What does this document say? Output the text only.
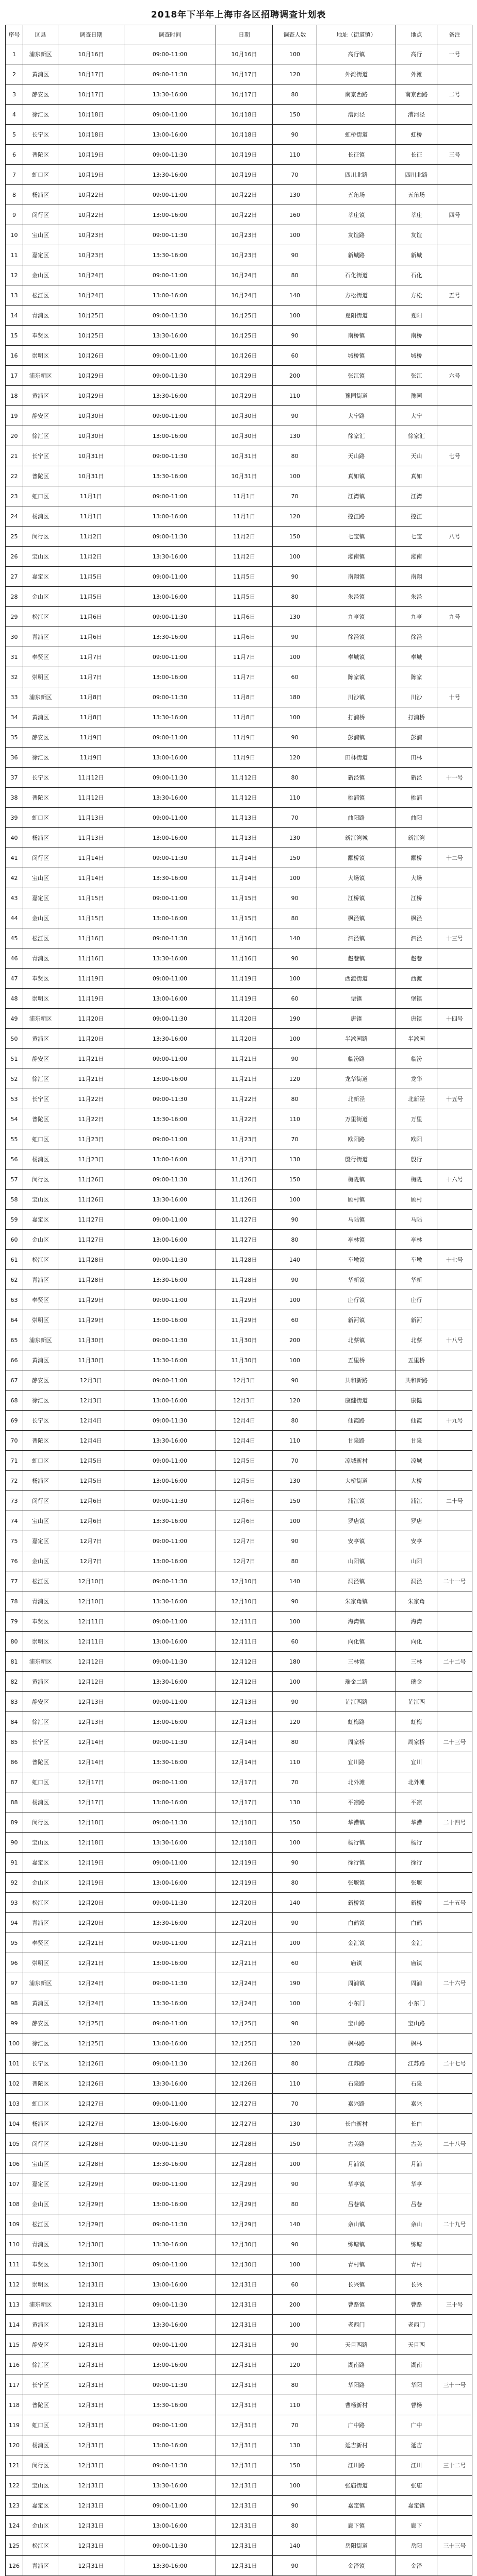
2018年下半年上海市各区招聘调查计划表
序号	区县	调查日期	调查时间	日期	调查人数	地址（街道镇）	地点	备注
1	浦东新区	10月16日	09:00-11:00	10月16日	100	高行镇	高行	一号
2	黄浦区	10月17日	09:00-11:30	10月17日	120	外滩街道	外滩	
3	静安区	10月17日	13:30-16:00	10月17日	80	南京西路	南京西路	二号
4	徐汇区	10月18日	09:00-11:00	10月18日	150	漕河泾	漕河泾	
5	长宁区	10月18日	13:00-16:00	10月18日	90	虹桥街道	虹桥	
6	普陀区	10月19日	09:00-11:30	10月19日	110	长征镇	长征	三号
7	虹口区	10月19日	13:30-16:00	10月19日	70	四川北路	四川北路	
8	杨浦区	10月22日	09:00-11:00	10月22日	130	五角场	五角场	
9	闵行区	10月22日	13:00-16:00	10月22日	160	莘庄镇	莘庄	四号
10	宝山区	10月23日	09:00-11:30	10月23日	100	友谊路	友谊	
11	嘉定区	10月23日	13:30-16:00	10月23日	90	新城路	新城	
12	金山区	10月24日	09:00-11:00	10月24日	80	石化街道	石化	
13	松江区	10月24日	13:00-16:00	10月24日	140	方松街道	方松	五号
14	青浦区	10月25日	09:00-11:30	10月25日	100	夏阳街道	夏阳	
15	奉贤区	10月25日	13:30-16:00	10月25日	90	南桥镇	南桥	
16	崇明区	10月26日	09:00-11:00	10月26日	60	城桥镇	城桥	
17	浦东新区	10月29日	09:00-11:30	10月29日	200	张江镇	张江	六号
18	黄浦区	10月29日	13:30-16:00	10月29日	110	豫园街道	豫园	
19	静安区	10月30日	09:00-11:00	10月30日	90	大宁路	大宁	
20	徐汇区	10月30日	13:00-16:00	10月30日	130	徐家汇	徐家汇	
21	长宁区	10月31日	09:00-11:30	10月31日	80	天山路	天山	七号
22	普陀区	10月31日	13:30-16:00	10月31日	100	真如镇	真如	
23	虹口区	11月1日	09:00-11:00	11月1日	70	江湾镇	江湾	
24	杨浦区	11月1日	13:00-16:00	11月1日	120	控江路	控江	
25	闵行区	11月2日	09:00-11:30	11月2日	150	七宝镇	七宝	八号
26	宝山区	11月2日	13:30-16:00	11月2日	100	淞南镇	淞南	
27	嘉定区	11月5日	09:00-11:00	11月5日	90	南翔镇	南翔	
28	金山区	11月5日	13:00-16:00	11月5日	80	朱泾镇	朱泾	
29	松江区	11月6日	09:00-11:30	11月6日	130	九亭镇	九亭	九号
30	青浦区	11月6日	13:30-16:00	11月6日	90	徐泾镇	徐泾	
31	奉贤区	11月7日	09:00-11:00	11月7日	100	奉城镇	奉城	
32	崇明区	11月7日	13:00-16:00	11月7日	60	陈家镇	陈家	
33	浦东新区	11月8日	09:00-11:30	11月8日	180	川沙镇	川沙	十号
34	黄浦区	11月8日	13:30-16:00	11月8日	100	打浦桥	打浦桥	
35	静安区	11月9日	09:00-11:00	11月9日	90	彭浦镇	彭浦	
36	徐汇区	11月9日	13:00-16:00	11月9日	120	田林街道	田林	
37	长宁区	11月12日	09:00-11:30	11月12日	80	新泾镇	新泾	十一号
38	普陀区	11月12日	13:30-16:00	11月12日	110	桃浦镇	桃浦	
39	虹口区	11月13日	09:00-11:00	11月13日	70	曲阳路	曲阳	
40	杨浦区	11月13日	13:00-16:00	11月13日	130	新江湾城	新江湾	
41	闵行区	11月14日	09:00-11:30	11月14日	150	颛桥镇	颛桥	十二号
42	宝山区	11月14日	13:30-16:00	11月14日	100	大场镇	大场	
43	嘉定区	11月15日	09:00-11:00	11月15日	90	江桥镇	江桥	
44	金山区	11月15日	13:00-16:00	11月15日	80	枫泾镇	枫泾	
45	松江区	11月16日	09:00-11:30	11月16日	140	泗泾镇	泗泾	十三号
46	青浦区	11月16日	13:30-16:00	11月16日	90	赵巷镇	赵巷	
47	奉贤区	11月19日	09:00-11:00	11月19日	100	西渡街道	西渡	
48	崇明区	11月19日	13:00-16:00	11月19日	60	堡镇	堡镇	
49	浦东新区	11月20日	09:00-11:30	11月20日	190	唐镇	唐镇	十四号
50	黄浦区	11月20日	13:30-16:00	11月20日	100	半淞园路	半淞园	
51	静安区	11月21日	09:00-11:00	11月21日	90	临汾路	临汾	
52	徐汇区	11月21日	13:00-16:00	11月21日	120	龙华街道	龙华	
53	长宁区	11月22日	09:00-11:30	11月22日	80	北新泾	北新泾	十五号
54	普陀区	11月22日	13:30-16:00	11月22日	110	万里街道	万里	
55	虹口区	11月23日	09:00-11:00	11月23日	70	欧阳路	欧阳	
56	杨浦区	11月23日	13:00-16:00	11月23日	130	殷行街道	殷行	
57	闵行区	11月26日	09:00-11:30	11月26日	150	梅陇镇	梅陇	十六号
58	宝山区	11月26日	13:30-16:00	11月26日	100	顾村镇	顾村	
59	嘉定区	11月27日	09:00-11:00	11月27日	90	马陆镇	马陆	
60	金山区	11月27日	13:00-16:00	11月27日	80	亭林镇	亭林	
61	松江区	11月28日	09:00-11:30	11月28日	140	车墩镇	车墩	十七号
62	青浦区	11月28日	13:30-16:00	11月28日	90	华新镇	华新	
63	奉贤区	11月29日	09:00-11:00	11月29日	100	庄行镇	庄行	
64	崇明区	11月29日	13:00-16:00	11月29日	60	新河镇	新河	
65	浦东新区	11月30日	09:00-11:30	11月30日	200	北蔡镇	北蔡	十八号
66	黄浦区	11月30日	13:30-16:00	11月30日	100	五里桥	五里桥	
67	静安区	12月3日	09:00-11:00	12月3日	90	共和新路	共和新路	
68	徐汇区	12月3日	13:00-16:00	12月3日	120	康健街道	康健	
69	长宁区	12月4日	09:00-11:30	12月4日	80	仙霞路	仙霞	十九号
70	普陀区	12月4日	13:30-16:00	12月4日	110	甘泉路	甘泉	
71	虹口区	12月5日	09:00-11:00	12月5日	70	凉城新村	凉城	
72	杨浦区	12月5日	13:00-16:00	12月5日	130	大桥街道	大桥	
73	闵行区	12月6日	09:00-11:30	12月6日	150	浦江镇	浦江	二十号
74	宝山区	12月6日	13:30-16:00	12月6日	100	罗店镇	罗店	
75	嘉定区	12月7日	09:00-11:00	12月7日	90	安亭镇	安亭	
76	金山区	12月7日	13:00-16:00	12月7日	80	山阳镇	山阳	
77	松江区	12月10日	09:00-11:30	12月10日	140	洞泾镇	洞泾	二十一号
78	青浦区	12月10日	13:30-16:00	12月10日	90	朱家角镇	朱家角	
79	奉贤区	12月11日	09:00-11:00	12月11日	100	海湾镇	海湾	
80	崇明区	12月11日	13:00-16:00	12月11日	60	向化镇	向化	
81	浦东新区	12月12日	09:00-11:30	12月12日	180	三林镇	三林	二十二号
82	黄浦区	12月12日	13:30-16:00	12月12日	100	瑞金二路	瑞金	
83	静安区	12月13日	09:00-11:00	12月13日	90	芷江西路	芷江西	
84	徐汇区	12月13日	13:00-16:00	12月13日	120	虹梅路	虹梅	
85	长宁区	12月14日	09:00-11:30	12月14日	80	周家桥	周家桥	二十三号
86	普陀区	12月14日	13:30-16:00	12月14日	110	宜川路	宜川	
87	虹口区	12月17日	09:00-11:00	12月17日	70	北外滩	北外滩	
88	杨浦区	12月17日	13:00-16:00	12月17日	130	平凉路	平凉	
89	闵行区	12月18日	09:00-11:30	12月18日	150	华漕镇	华漕	二十四号
90	宝山区	12月18日	13:30-16:00	12月18日	100	杨行镇	杨行	
91	嘉定区	12月19日	09:00-11:00	12月19日	90	徐行镇	徐行	
92	金山区	12月19日	13:00-16:00	12月19日	80	张堰镇	张堰	
93	松江区	12月20日	09:00-11:30	12月20日	140	新桥镇	新桥	二十五号
94	青浦区	12月20日	13:30-16:00	12月20日	90	白鹤镇	白鹤	
95	奉贤区	12月21日	09:00-11:00	12月21日	100	金汇镇	金汇	
96	崇明区	12月21日	13:00-16:00	12月21日	60	庙镇	庙镇	
97	浦东新区	12月24日	09:00-11:30	12月24日	190	周浦镇	周浦	二十六号
98	黄浦区	12月24日	13:30-16:00	12月24日	100	小东门	小东门	
99	静安区	12月25日	09:00-11:00	12月25日	90	宝山路	宝山路	
100	徐汇区	12月25日	13:00-16:00	12月25日	120	枫林路	枫林	
101	长宁区	12月26日	09:00-11:30	12月26日	80	江苏路	江苏路	二十七号
102	普陀区	12月26日	13:30-16:00	12月26日	110	石泉路	石泉	
103	虹口区	12月27日	09:00-11:00	12月27日	70	嘉兴路	嘉兴	
104	杨浦区	12月27日	13:00-16:00	12月27日	130	长白新村	长白	
105	闵行区	12月28日	09:00-11:30	12月28日	150	古美路	古美	二十八号
106	宝山区	12月28日	13:30-16:00	12月28日	100	月浦镇	月浦	
107	嘉定区	12月29日	09:00-11:00	12月29日	90	华亭镇	华亭	
108	金山区	12月29日	13:00-16:00	12月29日	80	吕巷镇	吕巷	
109	松江区	12月29日	09:00-11:30	12月29日	140	佘山镇	佘山	二十九号
110	青浦区	12月30日	13:30-16:00	12月30日	90	练塘镇	练塘	
111	奉贤区	12月30日	09:00-11:00	12月30日	100	青村镇	青村	
112	崇明区	12月31日	13:00-16:00	12月31日	60	长兴镇	长兴	
113	浦东新区	12月31日	09:00-11:30	12月31日	200	曹路镇	曹路	三十号
114	黄浦区	12月31日	13:30-16:00	12月31日	100	老西门	老西门	
115	静安区	12月31日	09:00-11:00	12月31日	90	天目西路	天目西	
116	徐汇区	12月31日	13:00-16:00	12月31日	120	湖南路	湖南	
117	长宁区	12月31日	09:00-11:30	12月31日	80	华阳路	华阳	三十一号
118	普陀区	12月31日	13:30-16:00	12月31日	110	曹杨新村	曹杨	
119	虹口区	12月31日	09:00-11:00	12月31日	70	广中路	广中	
120	杨浦区	12月31日	13:00-16:00	12月31日	130	延吉新村	延吉	
121	闵行区	12月31日	09:00-11:30	12月31日	150	江川路	江川	三十二号
122	宝山区	12月31日	13:30-16:00	12月31日	100	张庙街道	张庙	
123	嘉定区	12月31日	09:00-11:00	12月31日	90	嘉定镇	嘉定镇	
124	金山区	12月31日	13:00-16:00	12月31日	80	廊下镇	廊下	
125	松江区	12月31日	09:00-11:30	12月31日	140	岳阳街道	岳阳	三十三号
126	青浦区	12月31日	13:30-16:00	12月31日	90	金泽镇	金泽	
